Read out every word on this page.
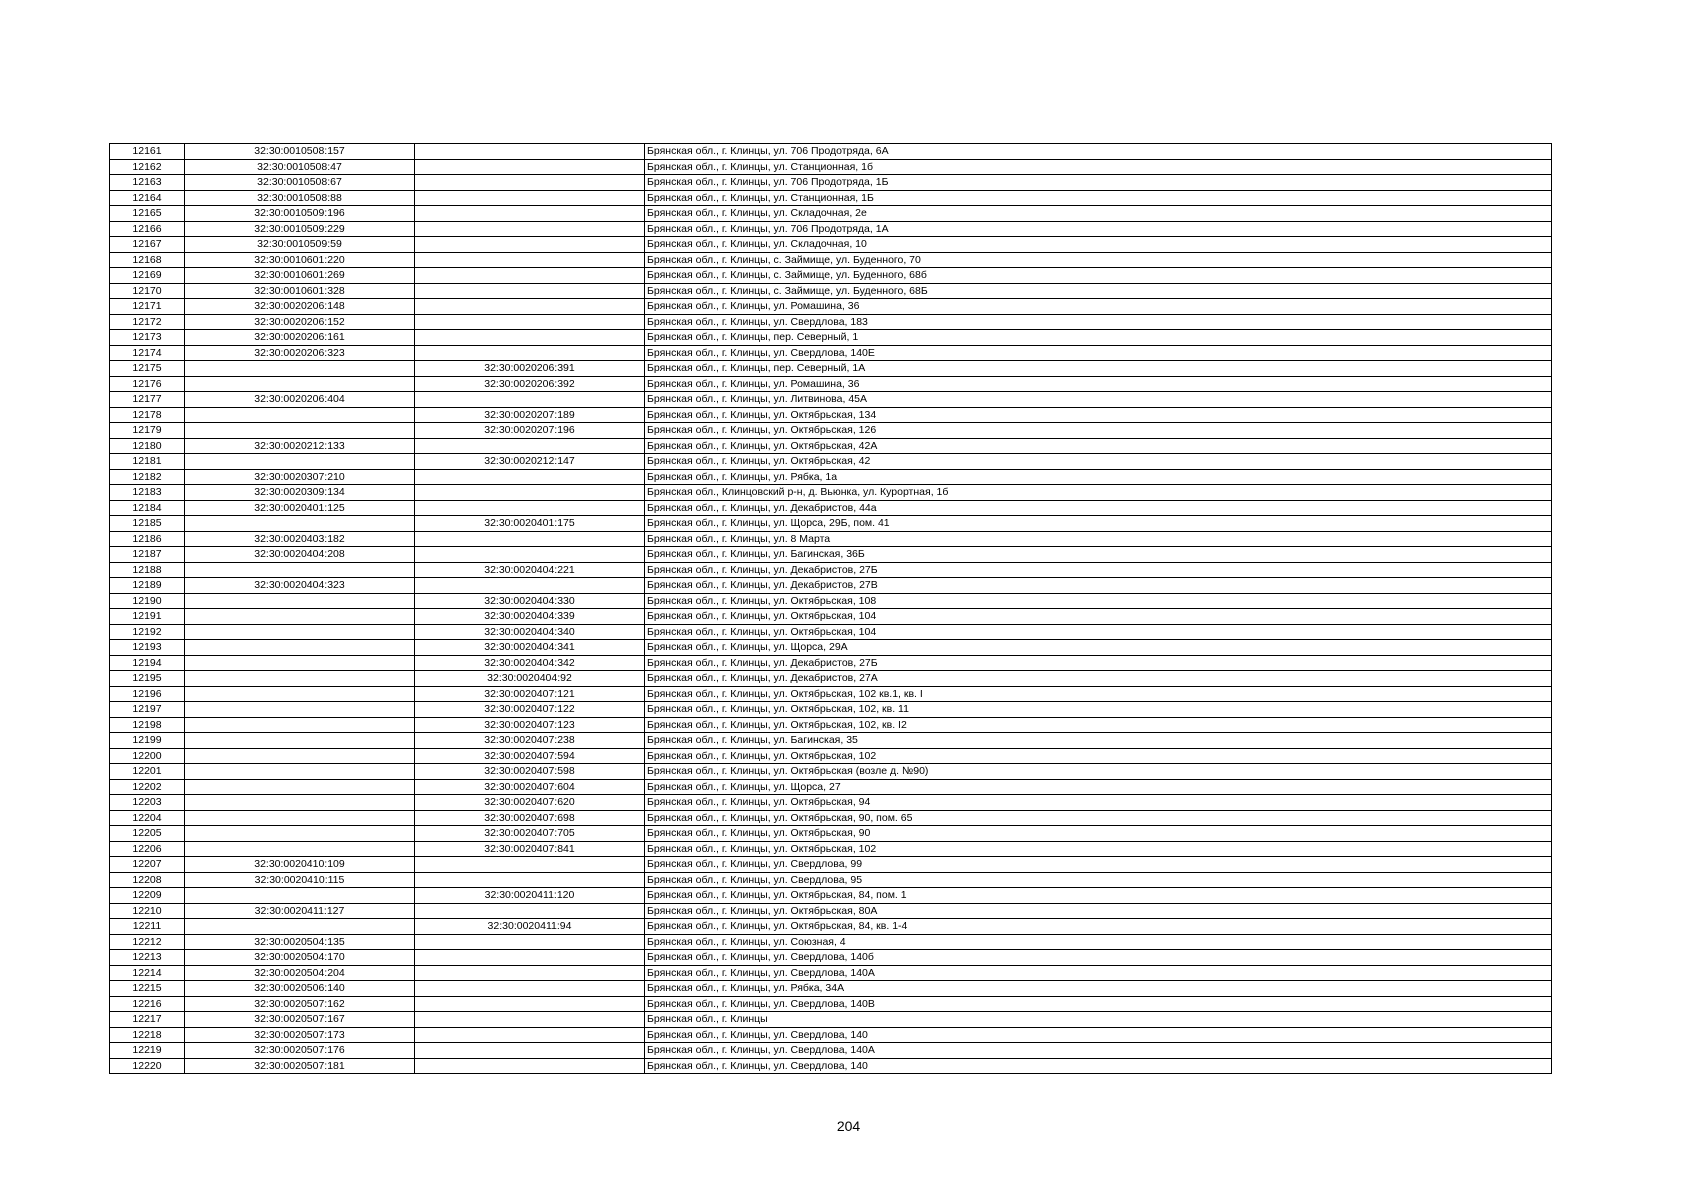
12161	32:30:0010508:157		Брянская обл., г. Клинцы, ул. 706 Продотряда, 6А
12162	32:30:0010508:47		Брянская обл., г. Клинцы, ул. Станционная, 1б
12163	32:30:0010508:67		Брянская обл., г. Клинцы, ул. 706 Продотряда, 1Б
12164	32:30:0010508:88		Брянская обл., г. Клинцы, ул. Станционная, 1Б
12165	32:30:0010509:196		Брянская обл., г. Клинцы, ул. Складочная, 2е
12166	32:30:0010509:229		Брянская обл., г. Клинцы, ул. 706 Продотряда, 1А
12167	32:30:0010509:59		Брянская обл., г. Клинцы, ул. Складочная, 10
12168	32:30:0010601:220		Брянская обл., г. Клинцы, с. Займище, ул. Буденного, 70
12169	32:30:0010601:269		Брянская обл., г. Клинцы, с. Займище, ул. Буденного, 68б
12170	32:30:0010601:328		Брянская обл., г. Клинцы, с. Займище, ул. Буденного, 68Б
12171	32:30:0020206:148		Брянская обл., г. Клинцы, ул. Ромашина, 36
12172	32:30:0020206:152		Брянская обл., г. Клинцы, ул. Свердлова, 183
12173	32:30:0020206:161		Брянская обл., г. Клинцы, пер. Северный, 1
12174	32:30:0020206:323		Брянская обл., г. Клинцы, ул. Свердлова, 140Е
12175		32:30:0020206:391	Брянская обл., г. Клинцы, пер. Северный, 1А
12176		32:30:0020206:392	Брянская обл., г. Клинцы, ул. Ромашина, 36
12177	32:30:0020206:404		Брянская обл., г. Клинцы, ул. Литвинова, 45А
12178		32:30:0020207:189	Брянская обл., г. Клинцы, ул. Октябрьская, 134
12179		32:30:0020207:196	Брянская обл., г. Клинцы, ул. Октябрьская, 126
12180	32:30:0020212:133		Брянская обл., г. Клинцы, ул. Октябрьская, 42А
12181		32:30:0020212:147	Брянская обл., г. Клинцы, ул. Октябрьская, 42
12182	32:30:0020307:210		Брянская обл., г. Клинцы, ул. Рябка, 1а
12183	32:30:0020309:134		Брянская обл., Клинцовский р-н, д. Вьюнка, ул. Курортная, 1б
12184	32:30:0020401:125		Брянская обл., г. Клинцы, ул. Декабристов, 44а
12185		32:30:0020401:175	Брянская обл., г. Клинцы, ул. Щорса, 29Б, пом. 41
12186	32:30:0020403:182		Брянская обл., г. Клинцы, ул. 8 Марта
12187	32:30:0020404:208		Брянская обл., г. Клинцы, ул. Багинская, 36Б
12188		32:30:0020404:221	Брянская обл., г. Клинцы, ул. Декабристов, 27Б
12189	32:30:0020404:323		Брянская обл., г. Клинцы, ул. Декабристов, 27В
12190		32:30:0020404:330	Брянская обл., г. Клинцы, ул. Октябрьская, 108
12191		32:30:0020404:339	Брянская обл., г. Клинцы, ул. Октябрьская, 104
12192		32:30:0020404:340	Брянская обл., г. Клинцы, ул. Октябрьская, 104
12193		32:30:0020404:341	Брянская обл., г. Клинцы, ул. Щорса, 29А
12194		32:30:0020404:342	Брянская обл., г. Клинцы, ул. Декабристов, 27Б
12195		32:30:0020404:92	Брянская обл., г. Клинцы, ул. Декабристов, 27А
12196		32:30:0020407:121	Брянская обл., г. Клинцы, ул. Октябрьская, 102 кв.1, кв. I
12197		32:30:0020407:122	Брянская обл., г. Клинцы, ул. Октябрьская, 102, кв. 11
12198		32:30:0020407:123	Брянская обл., г. Клинцы, ул. Октябрьская, 102, кв. I2
12199		32:30:0020407:238	Брянская обл., г. Клинцы, ул. Багинская, 35
12200		32:30:0020407:594	Брянская обл., г. Клинцы, ул. Октябрьская, 102
12201		32:30:0020407:598	Брянская обл., г. Клинцы, ул. Октябрьская (возле д. №90)
12202		32:30:0020407:604	Брянская обл., г. Клинцы, ул. Щорса, 27
12203		32:30:0020407:620	Брянская обл., г. Клинцы, ул. Октябрьская, 94
12204		32:30:0020407:698	Брянская обл., г. Клинцы, ул. Октябрьская, 90, пом. 65
12205		32:30:0020407:705	Брянская обл., г. Клинцы, ул. Октябрьская, 90
12206		32:30:0020407:841	Брянская обл., г. Клинцы, ул. Октябрьская, 102
12207	32:30:0020410:109		Брянская обл., г. Клинцы, ул. Свердлова, 99
12208	32:30:0020410:115		Брянская обл., г. Клинцы, ул. Свердлова, 95
12209		32:30:0020411:120	Брянская обл., г. Клинцы, ул. Октябрьская, 84, пом. 1
12210	32:30:0020411:127		Брянская обл., г. Клинцы, ул. Октябрьская, 80А
12211		32:30:0020411:94	Брянская обл., г. Клинцы, ул. Октябрьская, 84, кв. 1-4
12212	32:30:0020504:135		Брянская обл., г. Клинцы, ул. Союзная, 4
12213	32:30:0020504:170		Брянская обл., г. Клинцы, ул. Свердлова, 140б
12214	32:30:0020504:204		Брянская обл., г. Клинцы, ул. Свердлова, 140А
12215	32:30:0020506:140		Брянская обл., г. Клинцы, ул. Рябка, 34А
12216	32:30:0020507:162		Брянская обл., г. Клинцы, ул. Свердлова, 140В
12217	32:30:0020507:167		Брянская обл., г. Клинцы
12218	32:30:0020507:173		Брянская обл., г. Клинцы, ул. Свердлова, 140
12219	32:30:0020507:176		Брянская обл., г. Клинцы, ул. Свердлова, 140А
12220	32:30:0020507:181		Брянская обл., г. Клинцы, ул. Свердлова, 140
204
